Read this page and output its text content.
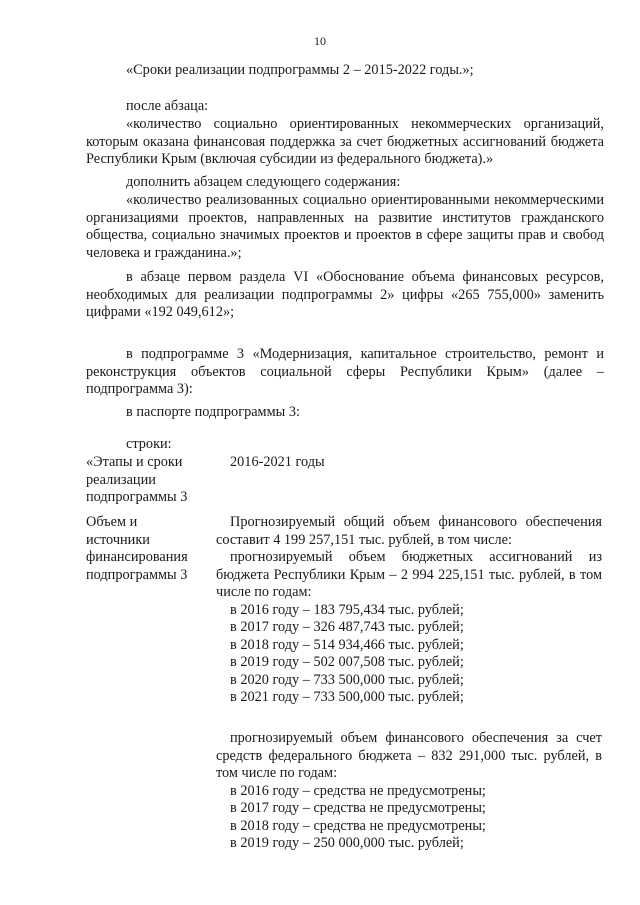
10

«Сроки реализации подпрограммы 2 – 2015-2022 годы.»;

после абзаца:

«количество социально ориентированных некоммерческих организаций, которым оказана финансовая поддержка за счет бюджетных ассигнований бюджета Республики Крым (включая субсидии из федерального бюджета).»

дополнить абзацем следующего содержания:

«количество реализованных социально ориентированными некоммерческими организациями проектов, направленных на развитие институтов гражданского общества, социально значимых проектов и проектов в сфере защиты прав и свобод человека и гражданина.»;

в абзаце первом раздела VI «Обоснование объема финансовых ресурсов, необходимых для реализации подпрограммы 2» цифры «265 755,000» заменить цифрами «192 049,612»;

в подпрограмме 3 «Модернизация, капитальное строительство, ремонт и реконструкция объектов социальной сферы Республики Крым» (далее – подпрограмма 3):

в паспорте подпрограммы 3:

строки:

«Этапы и сроки
реализации
подпрограммы 3
2016-2021 годы
Объем и
источники
финансирования
подпрограммы 3
Прогнозируемый общий объем финансового обеспечения составит 4 199 257,151 тыс. рублей, в том числе:
прогнозируемый объем бюджетных ассигнований из бюджета Республики Крым – 2 994 225,151 тыс. рублей, в том числе по годам:
в 2016 году – 183 795,434 тыс. рублей;
в 2017 году – 326 487,743 тыс. рублей;
в 2018 году – 514 934,466 тыс. рублей;
в 2019 году – 502 007,508 тыс. рублей;
в 2020 году – 733 500,000 тыс. рублей;
в 2021 году – 733 500,000 тыс. рублей;
прогнозируемый объем финансового обеспечения за счет средств федерального бюджета – 832 291,000 тыс. рублей, в том числе по годам:
в 2016 году – средства не предусмотрены;
в 2017 году – средства не предусмотрены;
в 2018 году – средства не предусмотрены;
в 2019 году – 250 000,000 тыс. рублей;
